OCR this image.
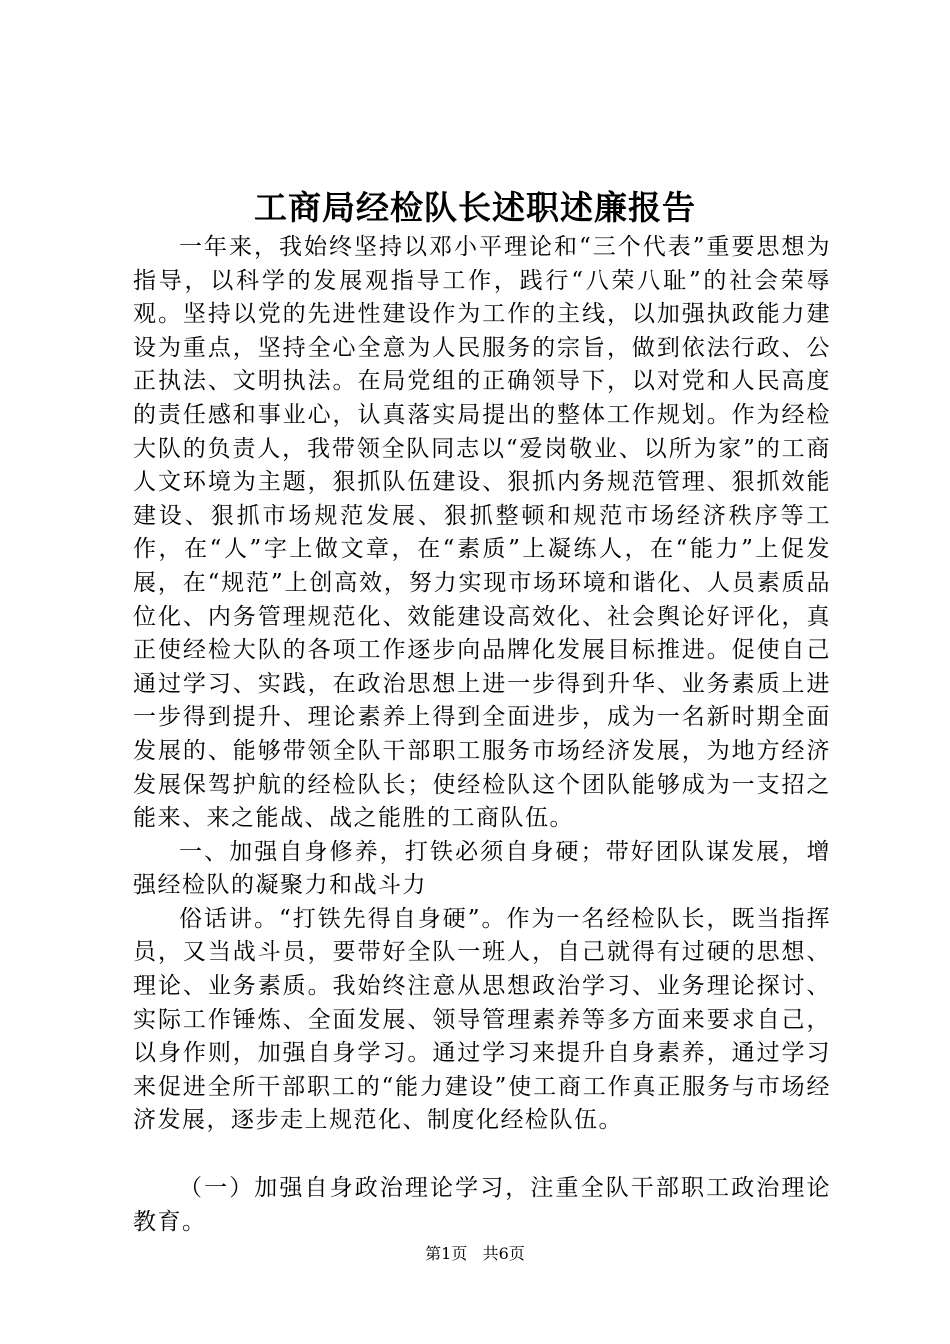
工商局经检队长述职述廉报告

一年来，我始终坚持以邓小平理论和“三个代表”重要思想为指导，以科学的发展观指导工作，践行“八荣八耻”的社会荣辱观。坚持以党的先进性建设作为工作的主线，以加强执政能力建设为重点，坚持全心全意为人民服务的宗旨，做到依法行政、公正执法、文明执法。在局党组的正确领导下，以对党和人民高度的责任感和事业心，认真落实局提出的整体工作规划。作为经检大队的负责人，我带领全队同志以“爱岗敬业、以所为家”的工商人文环境为主题，狠抓队伍建设、狠抓内务规范管理、狠抓效能建设、狠抓市场规范发展、狠抓整顿和规范市场经济秩序等工作，在“人”字上做文章，在“素质”上凝练人，在“能力”上促发展，在“规范”上创高效，努力实现市场环境和谐化、人员素质品位化、内务管理规范化、效能建设高效化、社会舆论好评化，真正使经检大队的各项工作逐步向品牌化发展目标推进。促使自己通过学习、实践，在政治思想上进一步得到升华、业务素质上进一步得到提升、理论素养上得到全面进步，成为一名新时期全面发展的、能够带领全队干部职工服务市场经济发展，为地方经济发展保驾护航的经检队长；使经检队这个团队能够成为一支招之能来、来之能战、战之能胜的工商队伍。

一、加强自身修养，打铁必须自身硬；带好团队谋发展，增强经检队的凝聚力和战斗力

俗话讲。“打铁先得自身硬”。作为一名经检队长，既当指挥员，又当战斗员，要带好全队一班人，自己就得有过硬的思想、理论、业务素质。我始终注意从思想政治学习、业务理论探讨、实际工作锤炼、全面发展、领导管理素养等多方面来要求自己，以身作则，加强自身学习。通过学习来提升自身素养，通过学习来促进全所干部职工的“能力建设”使工商工作真正服务与市场经济发展，逐步走上规范化、制度化经检队伍。

（一）加强自身政治理论学习，注重全队干部职工政治理论教育。

第1页 共6页
